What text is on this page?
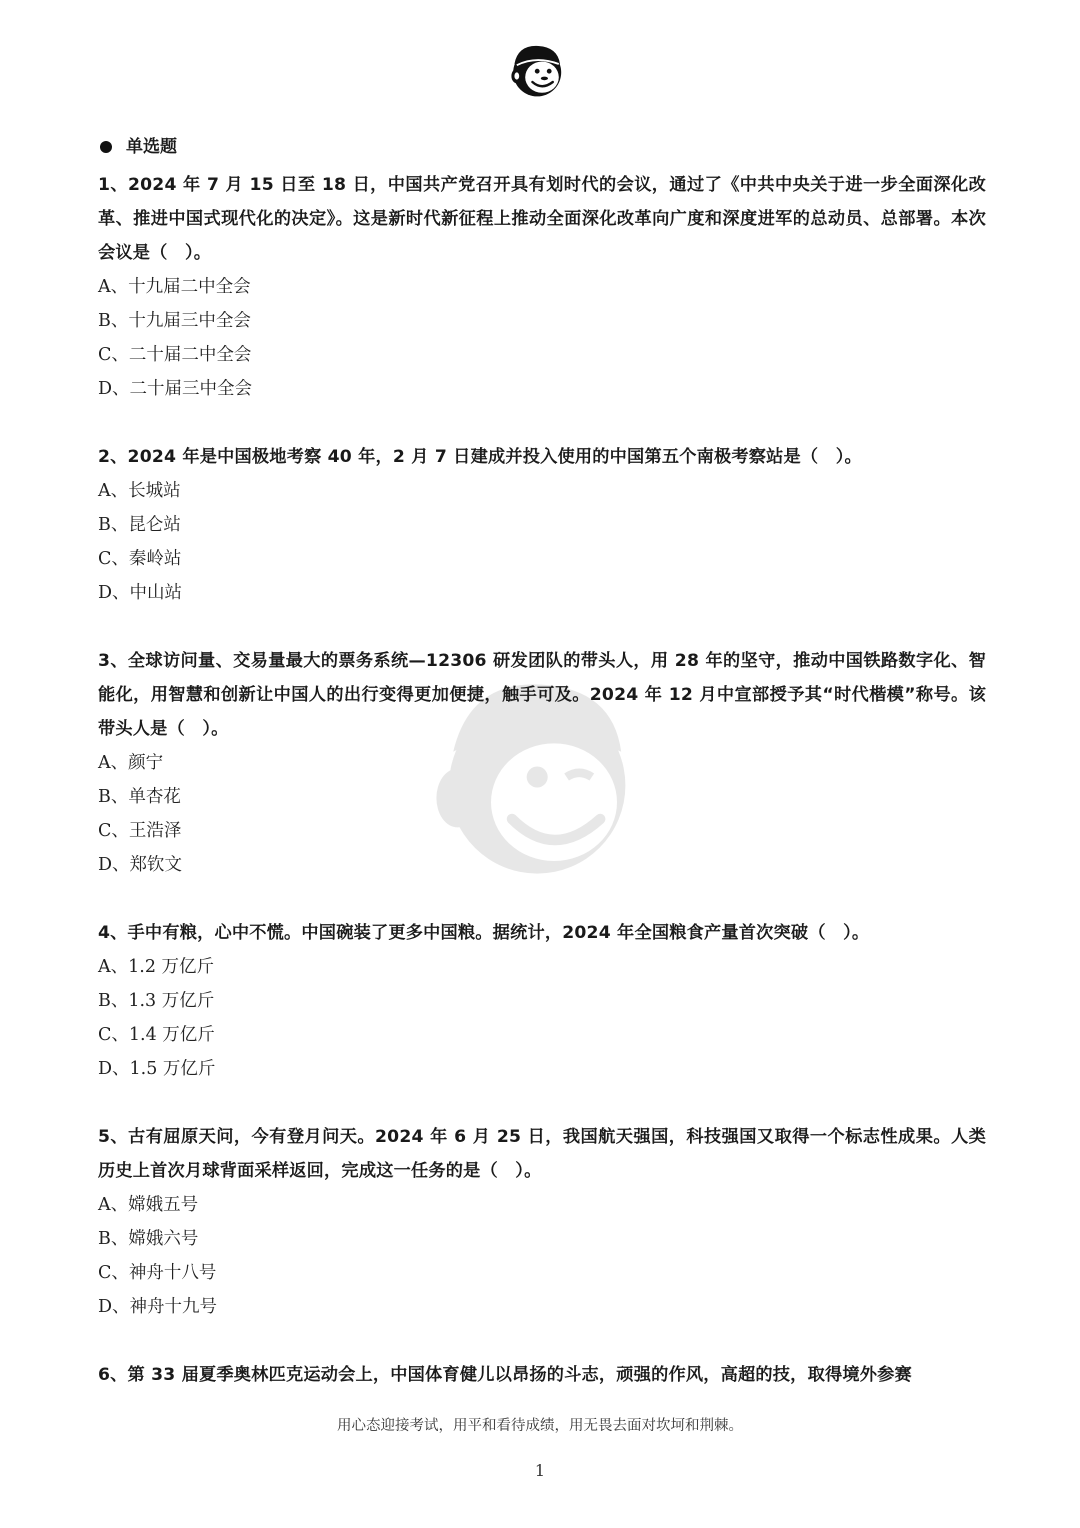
单选题

1、2024 年 7 月 15 日至 18 日，中国共产党召开具有划时代的会议，通过了《中共中央关于进一步全面深化改革、推进中国式现代化的决定》。这是新时代新征程上推动全面深化改革向广度和深度进军的总动员、总部署。本次会议是（　）。

A、十九届二中全会
B、十九届三中全会
C、二十届二中全会
D、二十届三中全会

2、2024 年是中国极地考察 40 年，2 月 7 日建成并投入使用的中国第五个南极考察站是（　）。

A、长城站
B、昆仑站
C、秦岭站
D、中山站

3、全球访问量、交易量最大的票务系统—12306 研发团队的带头人，用 28 年的坚守，推动中国铁路数字化、智能化，用智慧和创新让中国人的出行变得更加便捷，触手可及。2024 年 12 月中宣部授予其“时代楷模”称号。该带头人是（　）。

A、颜宁
B、单杏花
C、王浩泽
D、郑钦文

4、手中有粮，心中不慌。中国碗装了更多中国粮。据统计，2024 年全国粮食产量首次突破（　）。

A、1.2 万亿斤
B、1.3 万亿斤
C、1.4 万亿斤
D、1.5 万亿斤

5、古有屈原天问，今有登月问天。2024 年 6 月 25 日，我国航天强国，科技强国又取得一个标志性成果。人类历史上首次月球背面采样返回，完成这一任务的是（　）。

A、嫦娥五号
B、嫦娥六号
C、神舟十八号
D、神舟十九号

6、第 33 届夏季奥林匹克运动会上，中国体育健儿以昂扬的斗志，顽强的作风，高超的技，取得境外参赛

用心态迎接考试，用平和看待成绩，用无畏去面对坎坷和荆棘。
1
